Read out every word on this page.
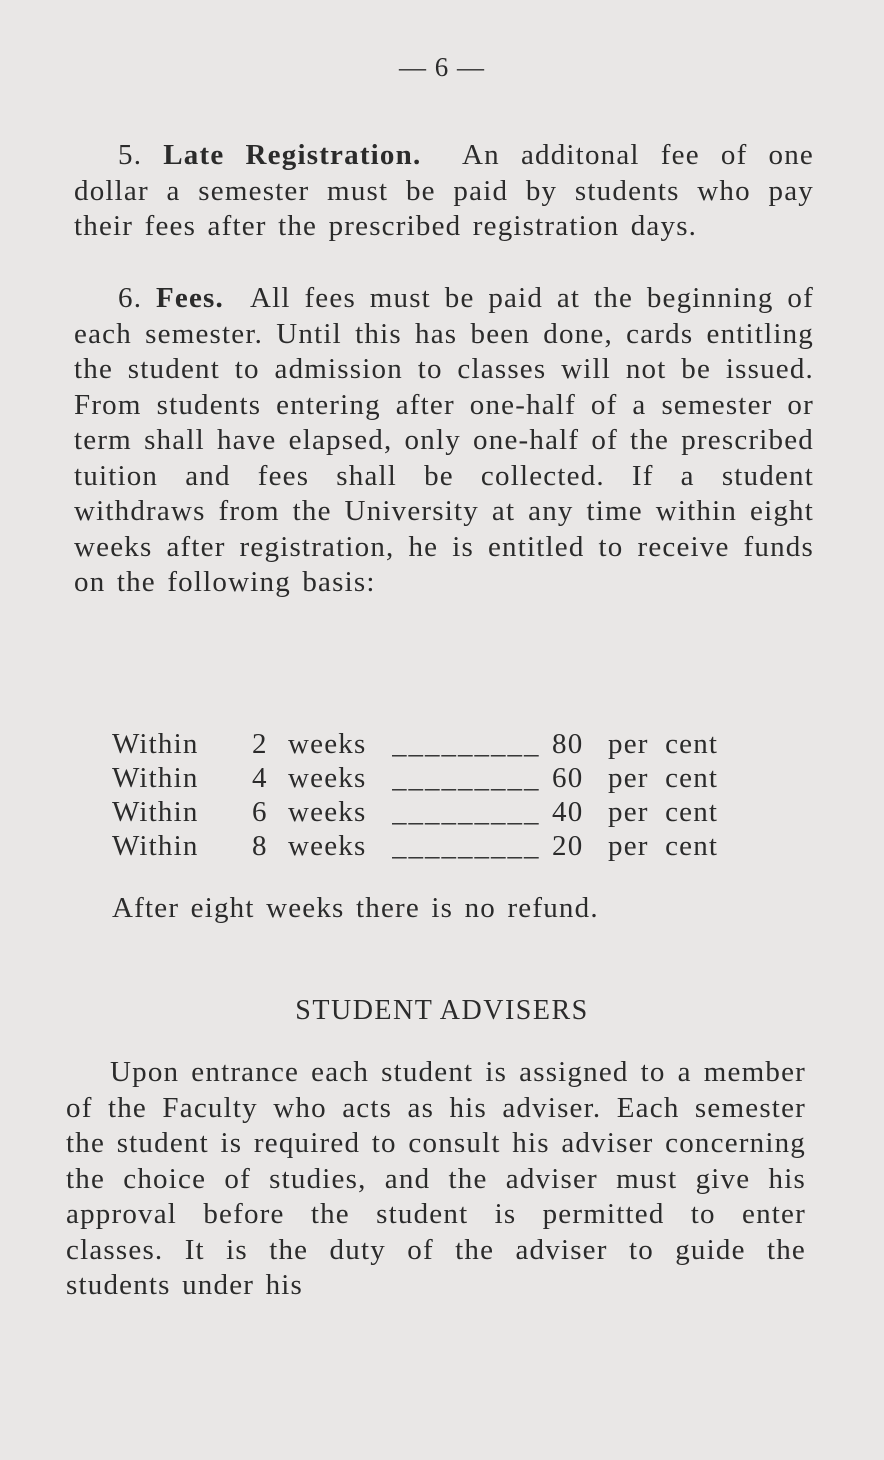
— 6 —

5. Late Registration. An additonal fee of one dollar a semester must be paid by students who pay their fees after the prescribed registration days.

6. Fees. All fees must be paid at the beginning of each semester. Until this has been done, cards entitling the student to admission to classes will not be issued. From students entering after one-half of a semester or term shall have elapsed, only one-half of the prescribed tuition and fees shall be collected. If a student withdraws from the University at any time within eight weeks after registration, he is entitled to receive funds on the following basis:

Within	2 weeks _________ 80 per cent
Within	4 weeks _________ 60 per cent
Within	6 weeks _________ 40 per cent
Within	8 weeks _________ 20 per cent
After eight weeks there is no refund.
STUDENT ADVISERS

Upon entrance each student is assigned to a member of the Faculty who acts as his adviser. Each semester the student is required to consult his adviser concerning the choice of studies, and the adviser must give his approval before the student is permitted to enter classes. It is the duty of the adviser to guide the students under his
